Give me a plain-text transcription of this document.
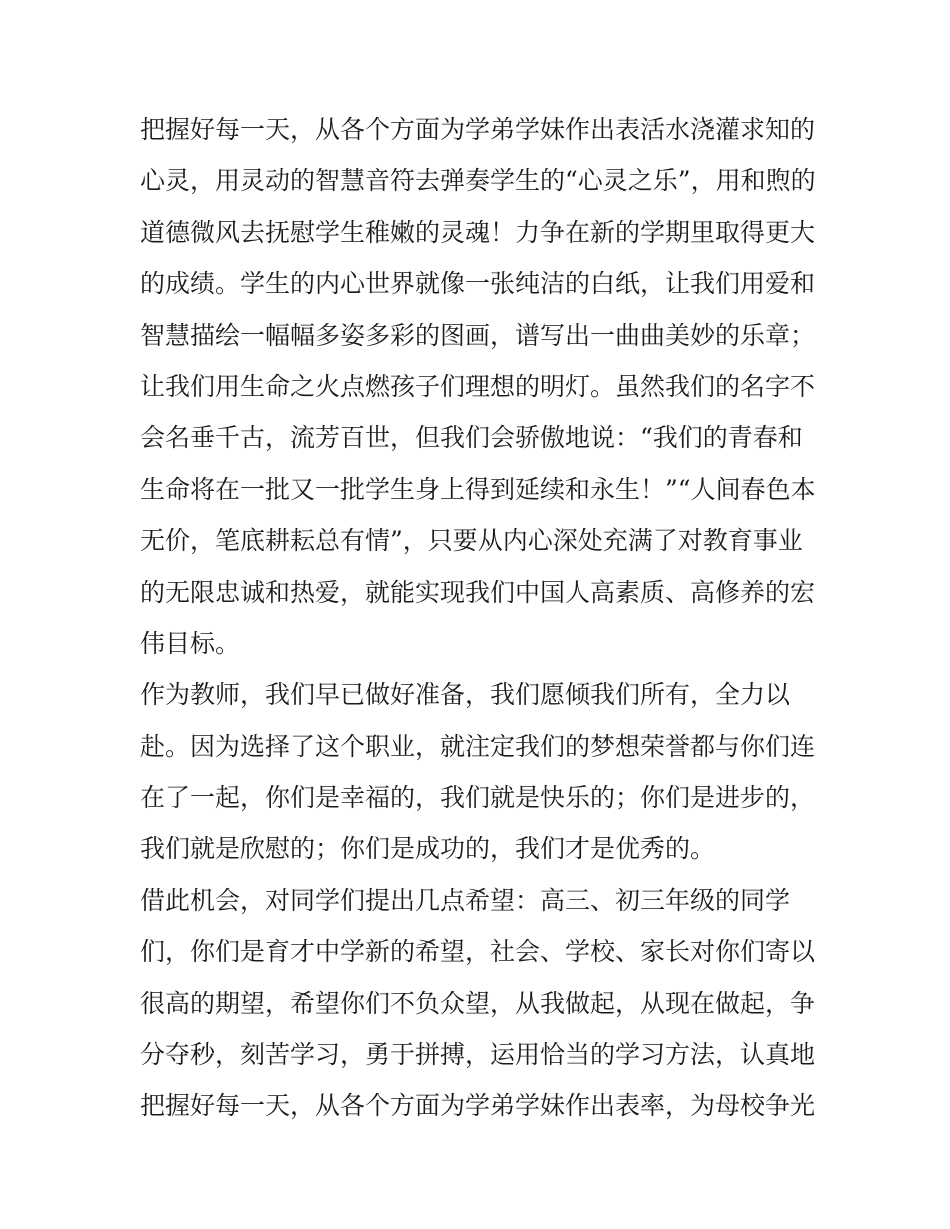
把握好每一天，从各个方面为学弟学妹作出表活水浇灌求知的
心灵，用灵动的智慧音符去弹奏学生的“心灵之乐”，用和煦的
道德微风去抚慰学生稚嫩的灵魂！力争在新的学期里取得更大
的成绩。学生的内心世界就像一张纯洁的白纸，让我们用爱和
智慧描绘一幅幅多姿多彩的图画，谱写出一曲曲美妙的乐章；
让我们用生命之火点燃孩子们理想的明灯。虽然我们的名字不
会名垂千古，流芳百世，但我们会骄傲地说：“我们的青春和
生命将在一批又一批学生身上得到延续和永生！”“人间春色本
无价，笔底耕耘总有情”，只要从内心深处充满了对教育事业
的无限忠诚和热爱，就能实现我们中国人高素质、高修养的宏
伟目标。
作为教师，我们早已做好准备，我们愿倾我们所有，全力以
赴。因为选择了这个职业，就注定我们的梦想荣誉都与你们连
在了一起，你们是幸福的，我们就是快乐的；你们是进步的，
我们就是欣慰的；你们是成功的，我们才是优秀的。
借此机会，对同学们提出几点希望：高三、初三年级的同学
们，你们是育才中学新的希望，社会、学校、家长对你们寄以
很高的期望，希望你们不负众望，从我做起，从现在做起，争
分夺秒，刻苦学习，勇于拼搏，运用恰当的学习方法，认真地
把握好每一天，从各个方面为学弟学妹作出表率，为母校争光
